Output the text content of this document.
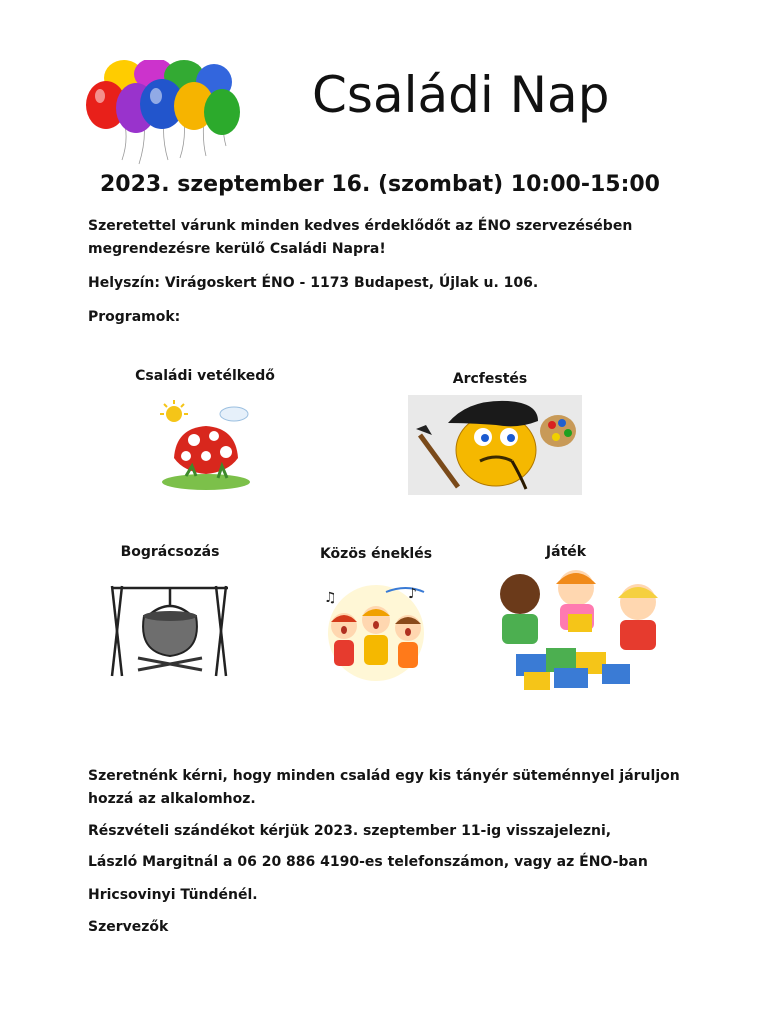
Családi Nap
2023. szeptember 16. (szombat) 10:00-15:00
Szeretettel várunk minden kedves érdeklődőt az ÉNO szervezésében
megrendezésre kerülő Családi Napra!
Helyszín: Virágoskert ÉNO - 1173 Budapest, Újlak u. 106.
Programok:
Családi vetélkedő	Arcfestés
Bográcsozás	Közös éneklés
♪
♫
Játék
Szeretnénk kérni, hogy minden család egy kis tányér süteménnyel járuljon
hozzá az alkalomhoz.
Részvételi szándékot kérjük 2023. szeptember 11-ig visszajelezni,
László Margitnál a 06 20 886 4190-es telefonszámon, vagy az ÉNO-ban
Hricsovinyi Tündénél.
Szervezők
